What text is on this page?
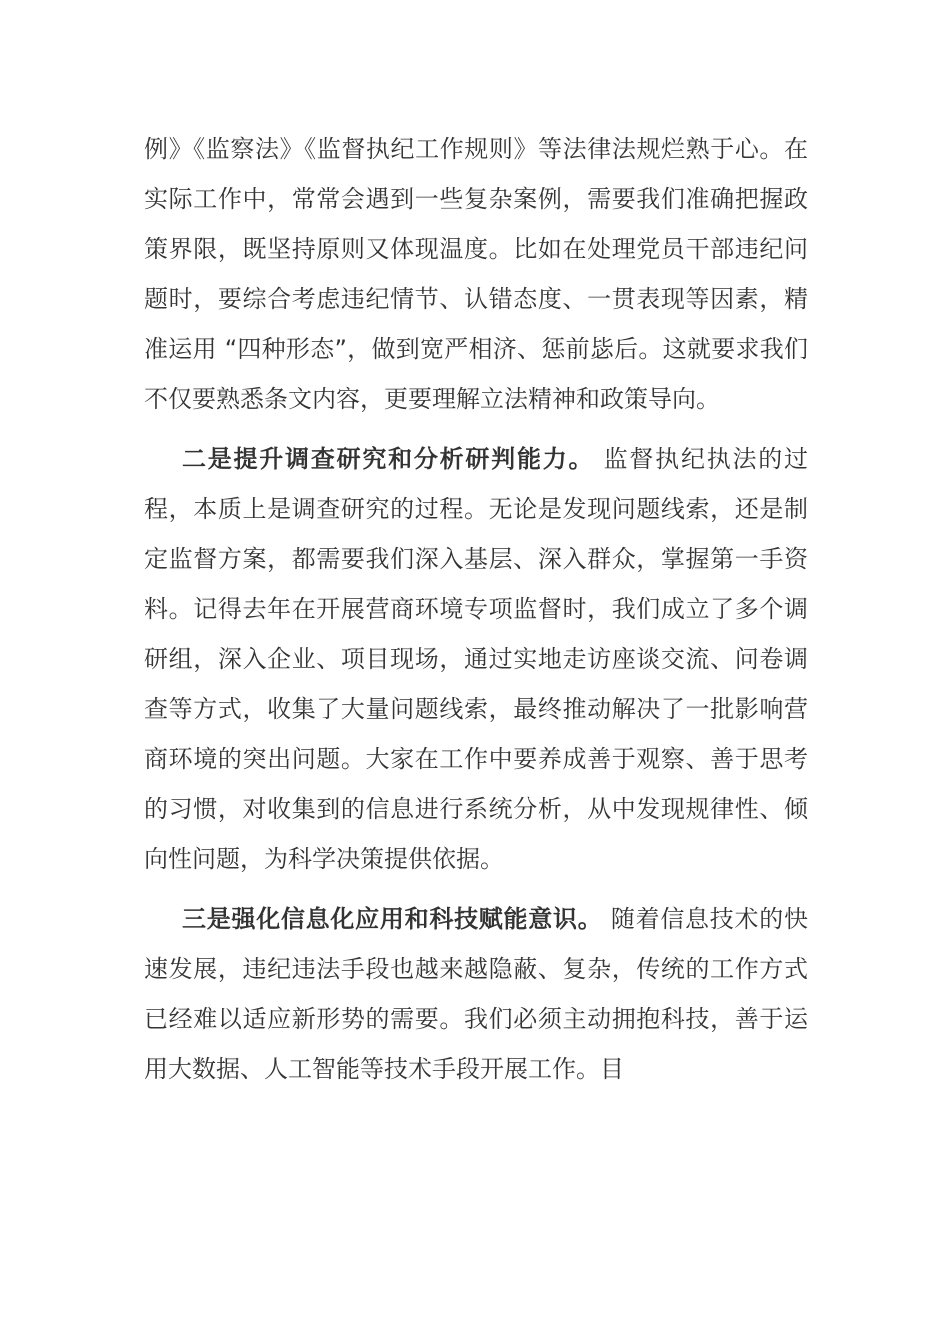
例》《监察法》《监督执纪工作规则》等法律法规烂熟于心。在实际工作中，常常会遇到一些复杂案例，需要我们准确把握政策界限，既坚持原则又体现温度。比如在处理党员干部违纪问题时，要综合考虑违纪情节、认错态度、一贯表现等因素，精准运用 “四种形态”，做到宽严相济、惩前毖后。这就要求我们不仅要熟悉条文内容，更要理解立法精神和政策导向。

二是提升调查研究和分析研判能力。 监督执纪执法的过程，本质上是调查研究的过程。无论是发现问题线索，还是制定监督方案，都需要我们深入基层、深入群众，掌握第一手资料。记得去年在开展营商环境专项监督时，我们成立了多个调研组，深入企业、项目现场，通过实地走访座谈交流、问卷调查等方式，收集了大量问题线索，最终推动解决了一批影响营商环境的突出问题。大家在工作中要养成善于观察、善于思考的习惯，对收集到的信息进行系统分析，从中发现规律性、倾向性问题，为科学决策提供依据。

三是强化信息化应用和科技赋能意识。 随着信息技术的快速发展，违纪违法手段也越来越隐蔽、复杂，传统的工作方式已经难以适应新形势的需要。我们必须主动拥抱科技，善于运用大数据、人工智能等技术手段开展工作。目
